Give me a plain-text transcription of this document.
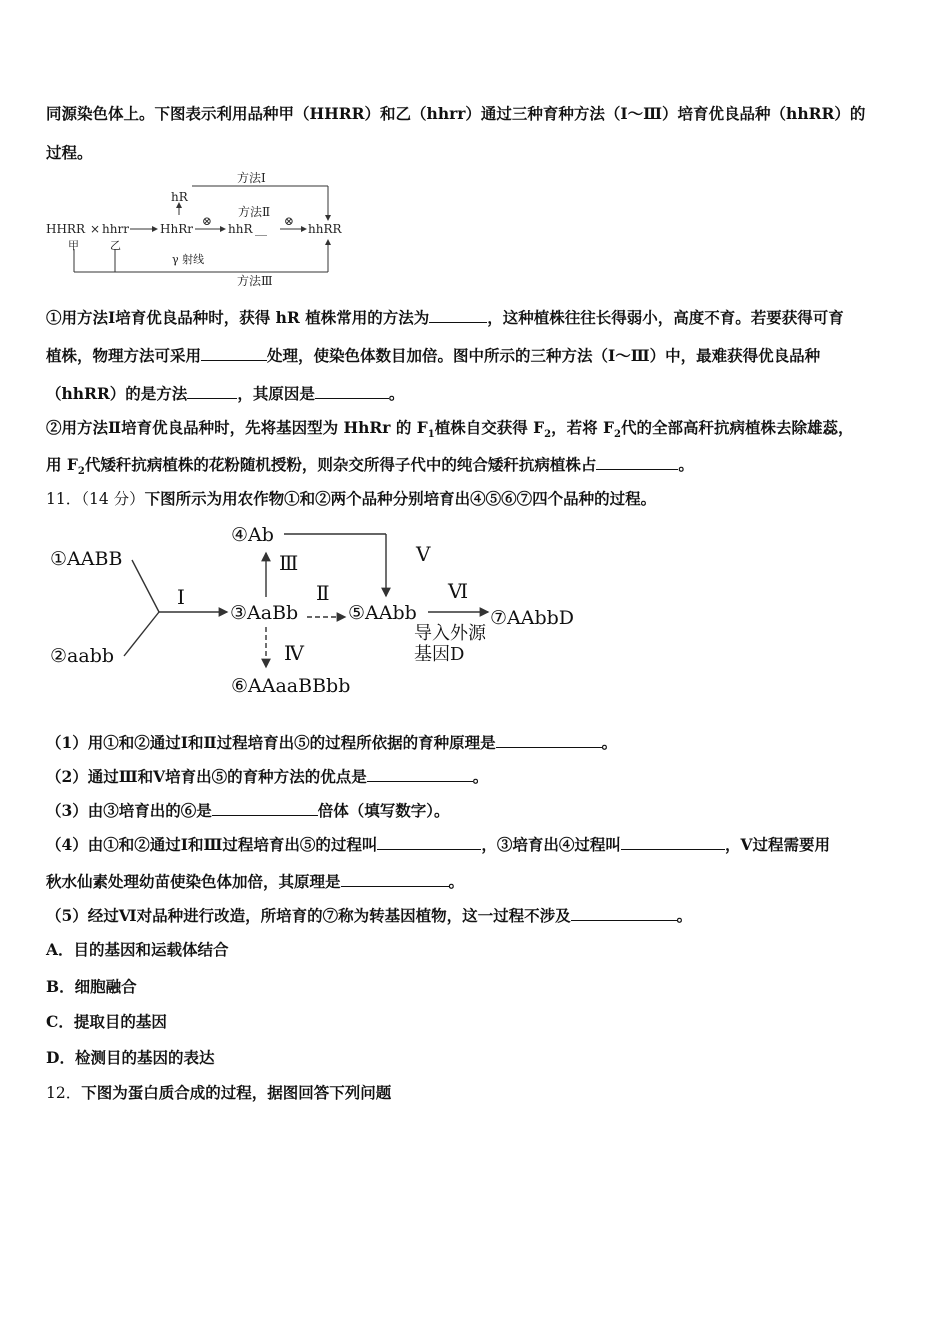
同源染色体上。下图表示利用品种甲（HHRR）和乙（hhrr）通过三种育种方法（Ⅰ～Ⅲ）培育优良品种（hhRR）的
过程。
方法Ⅰ
hR
方法Ⅱ
⊗	⊗
HHRR × hhrr	HhRr	hhR __	hhRR
甲	乙
γ 射线
方法Ⅲ
①用方法Ⅰ培育优良品种时，获得 hR 植株常用的方法为	，这种植株往往长得弱小，高度不育。若要获得可育
植株，物理方法可采用	处理，使染色体数目加倍。图中所示的三种方法（Ⅰ～Ⅲ）中，最难获得优良品种
（hhRR）的是方法	，其原因是	。
②用方法Ⅱ培育优良品种时，先将基因型为 HhRr 的 $F_1$植株自交获得 $F_2$，若将 $F_2$代的全部高秆抗病植株去除雄蕊，
用 $F_2$代矮秆抗病植株的花粉随机授粉，则杂交所得子代中的纯合矮秆抗病植株占	。
11．（14 分）下图所示为用农作物①和②两个品种分别培育出④⑤⑥⑦四个品种的过程。
①AABB
②aabb
④Ab
③AaBb	⑤AAbb	⑦AAbbD
⑥AAaaBBbb
Ⅰ	Ⅱ
Ⅲ
Ⅳ
Ⅴ
Ⅵ
导入外源
基因D
（1）用①和②通过Ⅰ和Ⅱ过程培育出⑤的过程所依据的育种原理是	。
（2）通过Ⅲ和Ⅴ培育出⑤的育种方法的优点是	。
（3）由③培育出的⑥是	倍体（填写数字）。
（4）由①和②通过Ⅰ和Ⅲ过程培育出⑤的过程叫	，③培育出④过程叫	，Ⅴ过程需要用
秋水仙素处理幼苗使染色体加倍，其原理是	。
（5）经过Ⅵ对品种进行改造，所培育的⑦称为转基因植物，这一过程不涉及	。
A．目的基因和运载体结合
B．细胞融合
C．提取目的基因
D．检测目的基因的表达
12．下图为蛋白质合成的过程，据图回答下列问题
